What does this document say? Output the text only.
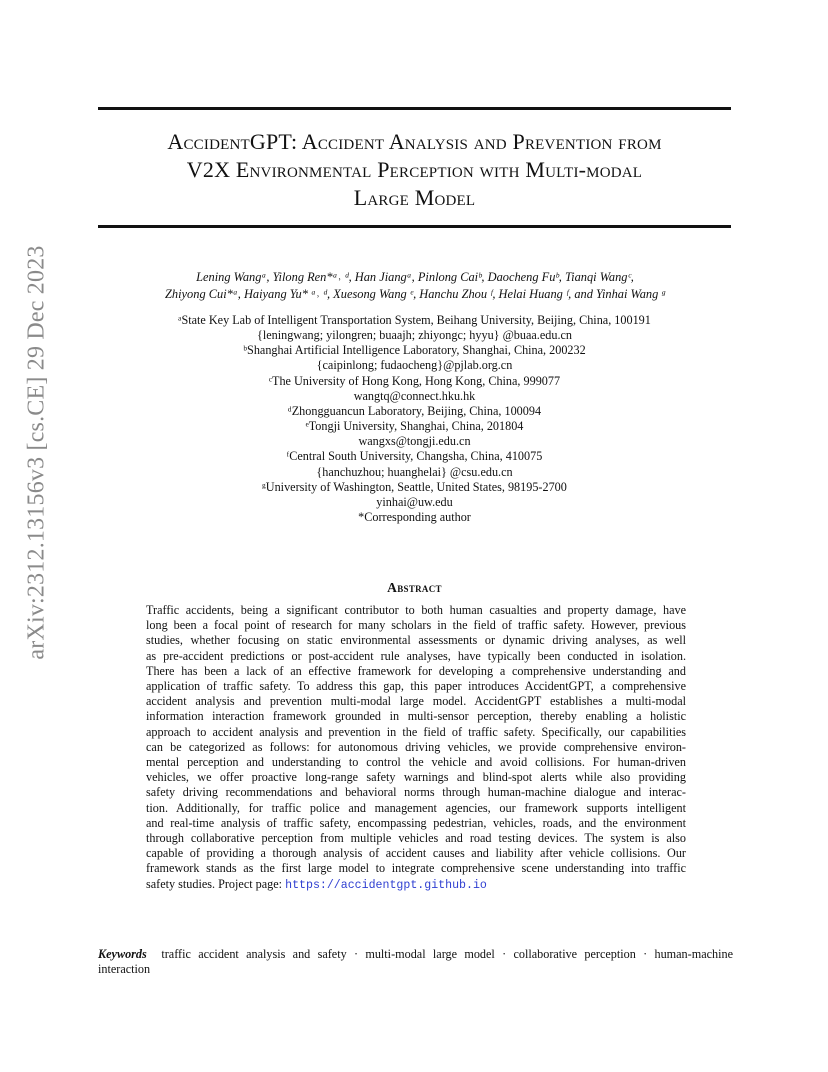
arXiv:2312.13156v3 [cs.CE] 29 Dec 2023
AccidentGPT: Accident Analysis and Prevention from
V2X Environmental Perception with Multi-modal
Large Model
Lening Wangᵃ, Yilong Ren*ᵃ˒ ᵈ, Han Jiangᵃ, Pinlong Caiᵇ, Daocheng Fuᵇ, Tianqi Wangᶜ,
Zhiyong Cui*ᵃ, Haiyang Yu* ᵃ˒ ᵈ, Xuesong Wang ᵉ, Hanchu Zhou ᶠ, Helai Huang ᶠ, and Yinhai Wang ᵍ
ᵃState Key Lab of Intelligent Transportation System, Beihang University, Beijing, China, 100191
{leningwang; yilongren; buaajh; zhiyongc; hyyu} @buaa.edu.cn
ᵇShanghai Artificial Intelligence Laboratory, Shanghai, China, 200232
{caipinlong; fudaocheng}@pjlab.org.cn
ᶜThe University of Hong Kong, Hong Kong, China, 999077
wangtq@connect.hku.hk
ᵈZhongguancun Laboratory, Beijing, China, 100094
ᵉTongji University, Shanghai, China, 201804
wangxs@tongji.edu.cn
ᶠCentral South University, Changsha, China, 410075
{hanchuzhou; huanghelai} @csu.edu.cn
ᵍUniversity of Washington, Seattle, United States, 98195-2700
yinhai@uw.edu
*Corresponding author
Abstract
Traffic accidents, being a significant contributor to both human casualties and property damage, have
long been a focal point of research for many scholars in the field of traffic safety. However, previous
studies, whether focusing on static environmental assessments or dynamic driving analyses, as well
as pre-accident predictions or post-accident rule analyses, have typically been conducted in isolation.
There has been a lack of an effective framework for developing a comprehensive understanding and
application of traffic safety. To address this gap, this paper introduces AccidentGPT, a comprehensive
accident analysis and prevention multi-modal large model. AccidentGPT establishes a multi-modal
information interaction framework grounded in multi-sensor perception, thereby enabling a holistic
approach to accident analysis and prevention in the field of traffic safety. Specifically, our capabilities
can be categorized as follows: for autonomous driving vehicles, we provide comprehensive environ-
mental perception and understanding to control the vehicle and avoid collisions. For human-driven
vehicles, we offer proactive long-range safety warnings and blind-spot alerts while also providing
safety driving recommendations and behavioral norms through human-machine dialogue and interac-
tion. Additionally, for traffic police and management agencies, our framework supports intelligent
and real-time analysis of traffic safety, encompassing pedestrian, vehicles, roads, and the environment
through collaborative perception from multiple vehicles and road testing devices. The system is also
capable of providing a thorough analysis of accident causes and liability after vehicle collisions. Our
framework stands as the first large model to integrate comprehensive scene understanding into traffic
safety studies. Project page: https://accidentgpt.github.io
Keywords traffic accident analysis and safety · multi-modal large model · collaborative perception · human-machine
interaction
